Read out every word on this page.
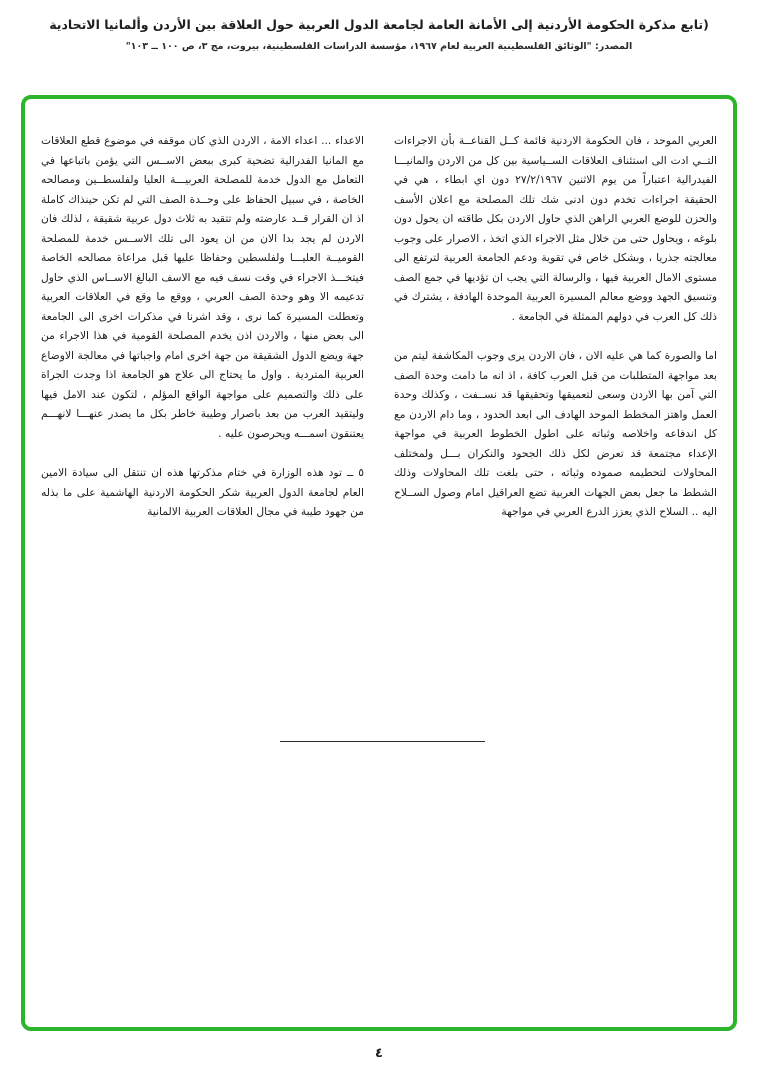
(تابع مذكرة الحكومة الأردنية إلى الأمانة العامة لجامعة الدول العربية حول العلاقة بين الأردن وألمانيا الاتحادية
المصدر: "الوثائق الفلسطينية العربية لعام ١٩٦٧، مؤسسة الدراسات الفلسطينية، بيروت، مج ٣، ص ١٠٠ ــ ١٠٣"

العربي الموحد ، فان الحكومة الاردنية قائمة كــل القناعــة بأن الاجراءات التــي ادت الى استئناف العلاقات الســياسية بين كل من الاردن والمانيـــا الفيدرالية اعتباراً من يوم الاثنين ٢٧/٢/١٩٦٧ دون اي ابطاء ، هي في الحقيقة اجراءات تخدم دون ادنى شك تلك المصلحة مع اعلان الأسف والحزن للوضع العربي الراهن الذي حاول الاردن بكل طاقته ان يحول دون بلوغه ، ويحاول حتى من خلال مثل الاجراء الذي اتخذ ، الاصرار على وجوب معالجته جذريا ، وبشكل خاص في تقوية ودعم الجامعة العربية لترتفع الى مستوى الامال العربية فيها ، والرسالة التي يجب ان تؤديها في جمع الصف وتنسيق الجهد ووضع معالم المسيرة العربية الموحدة الهادفة ، يشترك في ذلك كل العرب في دولهم الممثلة في الجامعة .

اما والصورة كما هي عليه الان ، فان الاردن يرى وجوب المكاشفة ليتم من بعد مواجهة المتطلبات من قبل العرب كافة ، اذ انه ما دامت وحدة الصف التي آمن بها الاردن وسعى لتعميقها وتحقيقها قد نســفت ، وكذلك وحدة العمل واهتز المخطط الموحد الهادف الى ابعد الحدود ، وما دام الاردن مع كل اندفاعه واخلاصه وثباته على اطول الخطوط العربية في مواجهة الإعداء مجتمعة قد تعرض لكل ذلك الجحود والنكران بـــل ولمختلف المحاولات لتحطيمه صموده وثباته ، حتى بلغت تلك المحاولات وذلك الشطط ما جعل بعض الجهات العربية تضع العراقيل امام وصول الســلاح اليه .. السلاح الذي يعزز الدرع العربي في مواجهة

الاعداء ... اعداء الامة ، الاردن الذي كان موقفه في موضوع قطع العلاقات مع المانيا الفدرالية تضحية كبرى ببعض الاســس التي يؤمن باتباعها في التعامل مع الدول خدمة للمصلحة العربيـــة العليا ولفلسطــين ومصالحه الخاصة ، في سبيل الحفاظ على وحــدة الصف التي لم تكن حينذاك كاملة اذ ان القرار قــد عارضته ولم تتقيد به ثلاث دول عربية شقيقة ، لذلك فان الاردن لم يجد بدا الان من ان يعود الى تلك الاســس خدمة للمصلحة القوميــة العليـــا ولفلسطين وحفاظا عليها قبل مراعاة مصالحه الخاصة فيتخـــذ الاجراء في وقت نسف فيه مع الاسف البالغ الاســاس الذي حاول تدعيمه الا وهو وحدة الصف العربي ، ووقع ما وقع في العلاقات العربية وتعطلت المسيرة كما نرى ، وقد اشرنا في مذكرات اخرى الى الجامعة الى بعض منها ، والاردن اذن يخدم المصلحة القومية في هذا الاجراء من جهة ويضع الدول الشقيقة من جهة اخرى امام واجباتها في معالجة الاوضاع العربية المتردية . واول ما يحتاج الى علاج هو الجامعة اذا وجدت الجراة على ذلك والتصميم على مواجهة الواقع المؤلم ، لتكون عند الامل فيها وليتقيد العرب من بعد باصرار وطيبة خاطر بكل ما يصدر عنهـــا لانهـــم يعتنقون اسمـــه ويحرصون عليه .

٥ ــ تود هذه الوزارة في ختام مذكرتها هذه ان تنتقل الى سيادة الامين العام لجامعة الدول العربية شكر الحكومة الاردنية الهاشمية على ما بذله من جهود طيبة في مجال العلاقات العربية الالمانية

٤
